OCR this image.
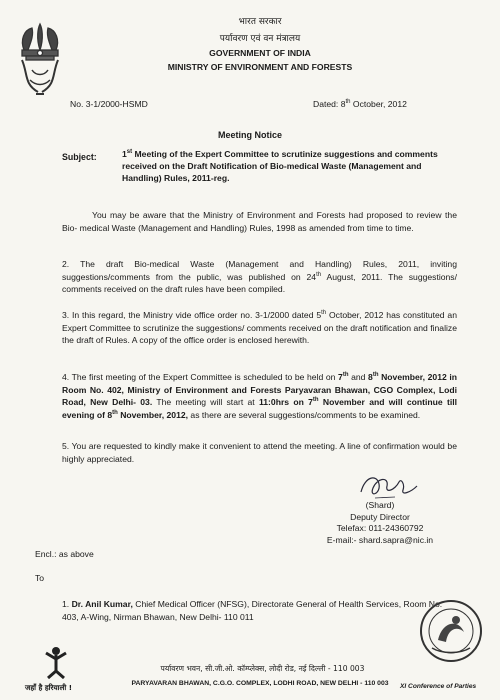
भारत सरकार
पर्यावरण एवं वन मंत्रालय
GOVERNMENT OF INDIA
MINISTRY OF ENVIRONMENT AND FORESTS
No. 3-1/2000-HSMD	Dated: 8th October, 2012
Meeting Notice
Subject:	1st Meeting of the Expert Committee to scrutinize suggestions and comments received on the Draft Notification of Bio-medical Waste (Management and Handling) Rules, 2011-reg.
You may be aware that the Ministry of Environment and Forests had proposed to review the Bio- medical Waste (Management and Handling) Rules, 1998 as amended from time to time.
2. The draft Bio-medical Waste (Management and Handling) Rules, 2011, inviting suggestions/comments from the public, was published on 24th August, 2011. The suggestions/ comments received on the draft rules have been compiled.
3. In this regard, the Ministry vide office order no. 3-1/2000 dated 5th October, 2012 has constituted an Expert Committee to scrutinize the suggestions/ comments received on the draft notification and finalize the draft of Rules. A copy of the office order is enclosed herewith.
4. The first meeting of the Expert Committee is scheduled to be held on 7th and 8th November, 2012 in Room No. 402, Ministry of Environment and Forests Paryavaran Bhawan, CGO Complex, Lodi Road, New Delhi- 03. The meeting will start at 11:0hrs on 7th November and will continue till evening of 8th November, 2012, as there are several suggestions/comments to be examined.
5. You are requested to kindly make it convenient to attend the meeting. A line of confirmation would be highly appreciated.
(Shard)
Deputy Director
Telefax: 011-24360792
E-mail:- shard.sapra@nic.in
Encl.: as above
To
1. Dr. Anil Kumar, Chief Medical Officer (NFSG), Directorate General of Health Services, Room No. 403, A-Wing, Nirman Bhawan, New Delhi- 110 011
जहाँ है हरियाली !
पर्यावरण भवन, सी.जी.ओ. कॉम्प्लेक्स, लोदी रोड, नई दिल्ली - 110 003
PARYAVARAN BHAWAN, C.G.O. COMPLEX, LODHI ROAD, NEW DELHI - 110 003	XI Conference of Parties
